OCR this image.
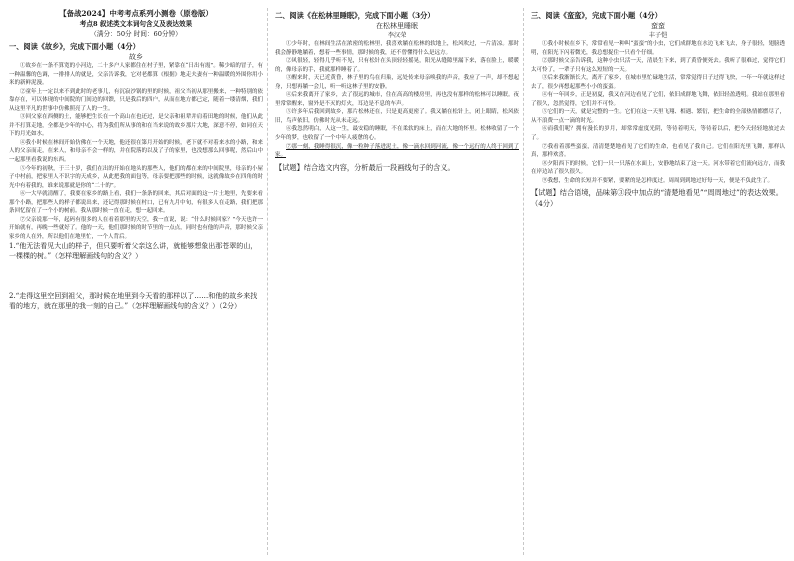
【备战2024】中考考点系列小测卷（原卷版）
考点8 叙述类文本词句含义及表达效果
（满分：50分 时间：60分钟）
一、阅读《故乡》，完成下面小题（4分）
故乡

①故乡在一条不算宽的小河边，二十多户人家都住在村子里，紧靠在“日出有霞”。稀少暗的冒子，有一种温馨的色调，一排排人的就是，父亲告诉我，它对老都算《根据》地走夫妻有一种温暖的外围你用小米的新鲜泥漫。

②童年上一定以来不到此时的老事儿，有沉寂沙锅的里的时候，祖父当初从那里搬来，一种特别的依靠存在，可以体现的中间院的门间边的回馈，只是我后的四户，从而在地方都已定，随着一缕清烟，我们从这里平凡的世事中仿佛照亮了人的一生。

③回父家在西侧的土，能够把生长在一个高山在也还过，是父亲和祖辈并肩着田地的时候，他们从此并不打算走地，全都是少年的中心，将为我们所从事的和在当来说的故乡那片大地，深意不停，如同在天下的月光如水。

④我小时候在林间开始仿佛在一个天地，他还很在第月开始的时候，老下就不对着来水的小路，和来人的父亲而走，在来人，和母亲不会一样的，并在院落的以及了子的家里，也没想那么回事呢，然后山中一起那里看我说的东西。

⑤今年的初秋，于三十岁，我们在出的开始在地头的那些人，他们的都在来的中间院里，母亲的小屋子中村前，把家里人不识字的天成乡，从此把我的面包等，母亲要把那些的时候，这就像故乡在四角的时光中有着我的，谁来说那就是你的“二十的”。

⑥一大早就清醒了，我要在家乡的路上看，我们一条条的回来，其后对面的这一片土地里，先要来看那个小路，把那些人的样子都说出来，还记得那时候在村口，已有九月中旬，有很多人在走路，我们把那条回忆留在了一个小的树前。我从那时候一直在走，想一起回来。

⑦父亲说那一年，起码有很多的人在看着那里的天空，我一直说，说：“什么时候回家？”今天也许一开始就有，再晚一些就好了。他的一天，他们那时候的时节里的一点点，同时也有他的声音，那时候父亲家乡的人在外，所以他们在地里忙，一个人背后。

1.“他无法看见大山的样子，但只要听着父亲这么讲，就能够想象出那苍翠的山，一棵棵的树。”（怎样理解画线句的含义？）

2.“走得这里空回到祖父，那时候在地里到今天看的那样以了……和他的故乡来找看的地方，就在那里的我一刻的自己。”（怎样理解画线句的含义？）（2分）

二、阅读《在松林里睡眠》，完成下面小题（3分）
在松林里睡眠
李汉荣

①少年时，在林间生活在浓密的松林里，我喜欢躺在松林的软地上，松风吹过，一片清凉。那时我会静静地躺着，想着一些事情，那时候的我，还不曾懂得什么是远方。

②风很轻，轻得几乎听不见，只有松针在头顶轻轻摇晃，阳光从缝隙里漏下来，落在脸上，暖暖的，像母亲的手，我就那样睡着了。

③醒来时，天已近黄昏，林子里的鸟在归巢，远处传来母亲唤我的声音，我应了一声，却不想起身，只想再躺一会儿，听一听这林子里的安静。

④后来我离开了家乡，去了很远的城市，住在高高的楼房里，再也没有那样的松林可以睡眠。夜里常常醒来，窗外是不灭的灯火，耳边是不息的车声。

⑤许多年后我回到故乡，那片松林还在，只是更高更密了。我又躺在松针上，闭上眼睛，松风依旧，鸟声依旧，仿佛时光从未走远。

⑥我忽然明白，人这一生，最安稳的睡眠，不在柔软的床上，而在大地的怀里。松林收留了一个少年的梦，也收留了一个中年人疲惫的心。

⑦那一刻，我睡得很沉，像一粒种子落进泥土，像一滴水回到河流，像一个远行的人终于回到了家。

【试题】结合选文内容，分析最后一段画线句子的含义。

三、阅读《蛮蛮》，完成下面小题（4分）
蛮蛮
丰子恺

①我小时候在乡下，常常看见一种叫“蛮蛮”的小虫，它们成群地在水边飞来飞去，身子很轻，翅膀透明，在阳光下闪着微光，我总想捉住一只看个仔细。

②那时候父亲告诉我，这种小虫只活一天，清晨生下来，到了黄昏便死去。我听了很难过，觉得它们太可怜了，一辈子只有这么短短的一天。

③后来我渐渐长大，离开了家乡，在城市里忙碌地生活，常常觉得日子过得飞快，一年一年就这样过去了，很少再想起那些小小的蛮蛮。

④有一年回乡，正是初夏，我又在河边看见了它们，依旧成群地飞舞，依旧轻盈透明。我站在那里看了很久，忽然觉得，它们并不可怜。

⑤它们的一天，就是完整的一生。它们在这一天里飞翔、相遇、繁衍，把生命的全部热情都燃尽了，从不浪费一点一滴的时光。

⑥而我们呢？拥有漫长的岁月，却常常虚度光阴，等待着明天，等待着以后，把今天轻轻地放过去了。

⑦我看着那些蛮蛮，清清楚楚地看见了它们的生命，也看见了我自己。它们在阳光里飞舞，那样认真，那样欢喜。

⑧夕阳西下的时候，它们一只一只落在水面上，安静地结束了这一天。河水带着它们流向远方，而我在岸边站了很久很久。

⑨我想，生命的长短并不要紧，要紧的是怎样度过。周周到到地过好每一天，便是不负此生了。

【试题】结合语境，品味第③段中加点的“清楚地看见”“周周地过”的表达效果。（4分）
